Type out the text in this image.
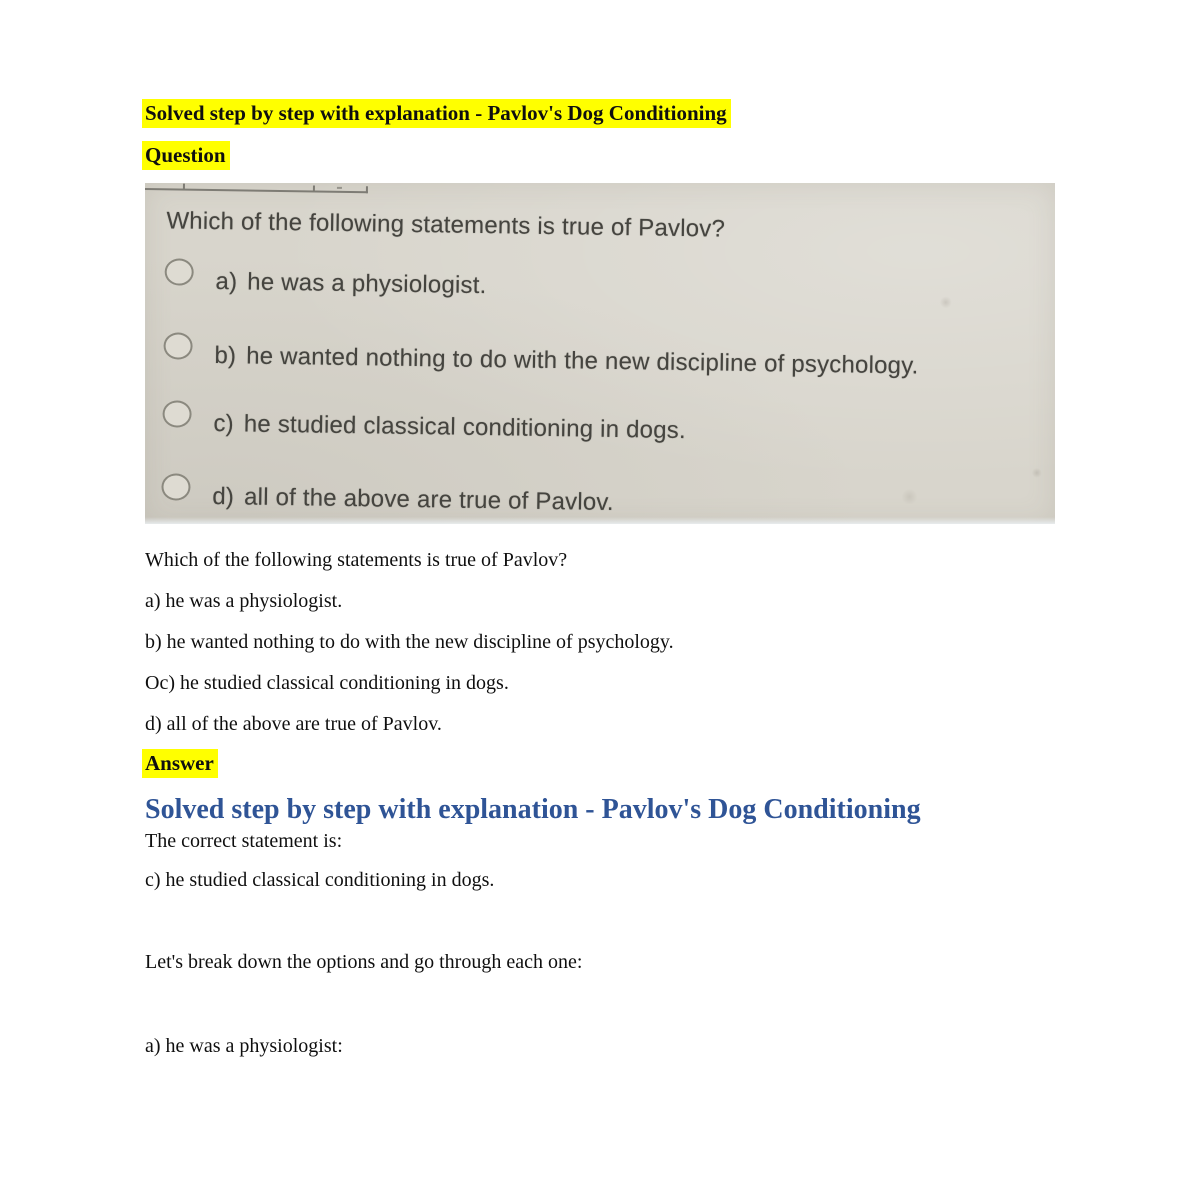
Solved step by step with explanation - Pavlov's Dog Conditioning
Question
Which of the following statements is true of Pavlov?
a) he was a physiologist.
b) he wanted nothing to do with the new discipline of psychology.
c) he studied classical conditioning in dogs.
d) all of the above are true of Pavlov.

Which of the following statements is true of Pavlov?

a) he was a physiologist.

b) he wanted nothing to do with the new discipline of psychology.

Oc) he studied classical conditioning in dogs.

d) all of the above are true of Pavlov.

Answer
Solved step by step with explanation - Pavlov's Dog Conditioning
The correct statement is:
c) he studied classical conditioning in dogs.
Let's break down the options and go through each one:
a) he was a physiologist:
